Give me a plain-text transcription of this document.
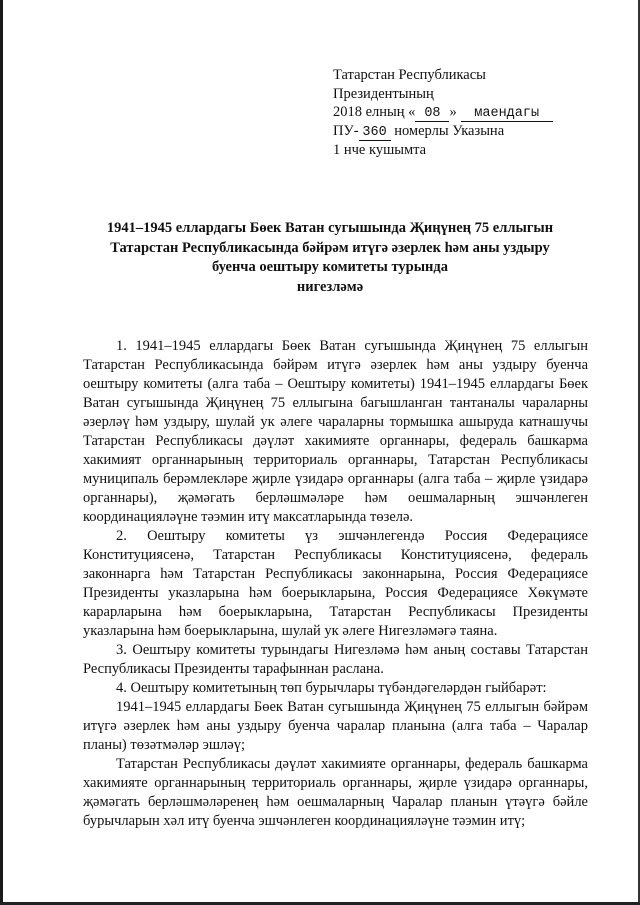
Татарстан Республикасы
Президентының
2018 елның « 08 » маендагы
ПУ- 360 номерлы Указына
1 нче кушымта
1941–1945 еллардагы Бөек Ватан сугышында Җиңүнең 75 еллыгын
Татарстан Республикасында бәйрәм итүгә әзерлек һәм аны уздыру
буенча оештыру комитеты турында
нигезләмә

1. 1941–1945 еллардагы Бөек Ватан сугышында Җиңүнең 75 еллыгын Татарстан Республикасында бәйрәм итүгә әзерлек һәм аны уздыру буенча оештыру комитеты (алга таба – Оештыру комитеты) 1941–1945 еллардагы Бөек Ватан сугышында Җиңүнең 75 еллыгына багышланган тантаналы чараларны әзерләү һәм уздыру, шулай ук әлеге чараларны тормышка ашыруда катнашучы Татарстан Республикасы дәүләт хакимияте органнары, федераль башкарма хакимият органнарының территориаль органнары, Татарстан Республикасы муниципаль берәмлекләре җирле үзидарә органнары (алга таба – җирле үзидарә органнары), җәмәгать берләшмәләре һәм оешмаларның эшчәнлеген координацияләүне тәэмин итү максатларында төзелә.

2. Оештыру комитеты үз эшчәнлегендә Россия Федерациясе Конституциясенә, Татарстан Республикасы Конституциясенә, федераль законнарга һәм Татарстан Республикасы законнарына, Россия Федерациясе Президенты указларына һәм боерыкларына, Россия Федерациясе Хөкүмәте карарларына һәм боерыкларына, Татарстан Республикасы Президенты указларына һәм боерыкларына, шулай ук әлеге Нигезләмәгә таяна.

3. Оештыру комитеты турындагы Нигезләмә һәм аның составы Татарстан Республикасы Президенты тарафыннан раслана.

4. Оештыру комитетының төп бурычлары түбәндәгеләрдән гыйбарәт:

1941–1945 еллардагы Бөек Ватан сугышында Җиңүнең 75 еллыгын бәйрәм итүгә әзерлек һәм аны уздыру буенча чаралар планына (алга таба – Чаралар планы) төзәтмәләр эшләү;

Татарстан Республикасы дәүләт хакимияте органнары, федераль башкарма хакимияте органнарының территориаль органнары, җирле үзидарә органнары, җәмәгать берләшмәләренең һәм оешмаларның Чаралар планын үтәүгә бәйле бурычларын хәл итү буенча эшчәнлеген координацияләүне тәэмин итү;
